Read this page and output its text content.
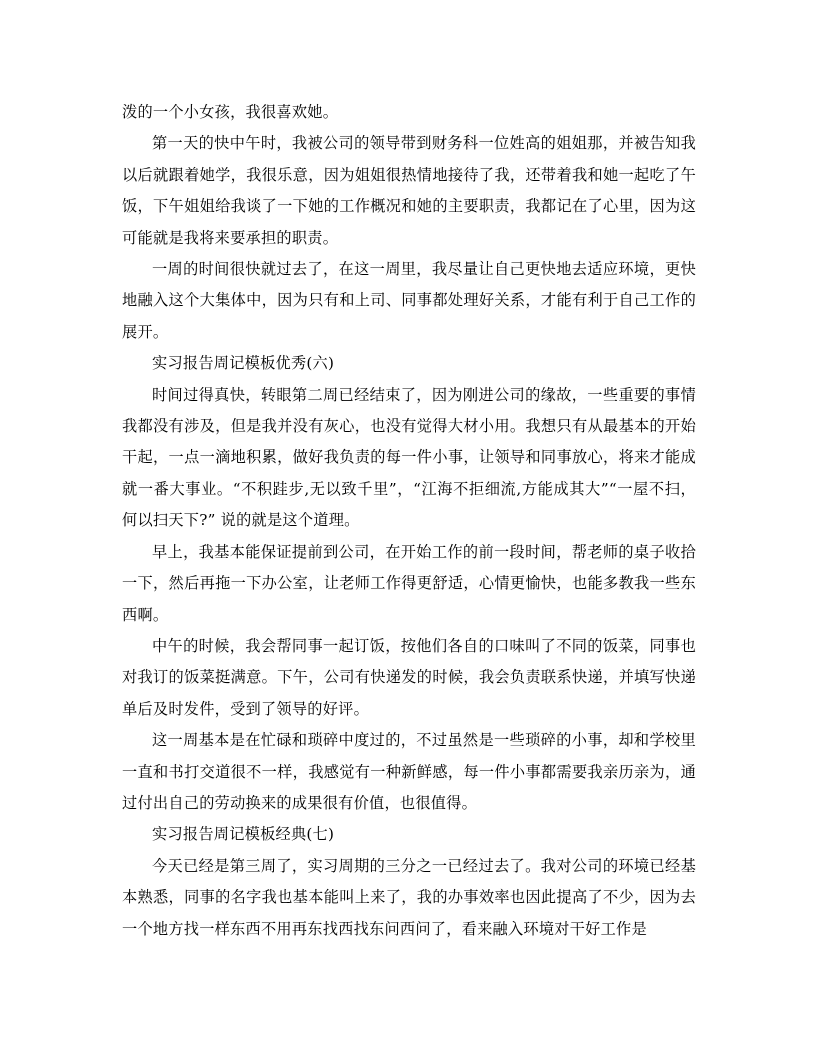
泼的一个小女孩，我很喜欢她。

第一天的快中午时，我被公司的领导带到财务科一位姓高的姐姐那，并被告知我以后就跟着她学，我很乐意，因为姐姐很热情地接待了我，还带着我和她一起吃了午饭，下午姐姐给我谈了一下她的工作概况和她的主要职责，我都记在了心里，因为这可能就是我将来要承担的职责。

一周的时间很快就过去了，在这一周里，我尽量让自己更快地去适应环境，更快地融入这个大集体中，因为只有和上司、同事都处理好关系，才能有利于自己工作的展开。

实习报告周记模板优秀(六)

时间过得真快，转眼第二周已经结束了，因为刚进公司的缘故，一些重要的事情我都没有涉及，但是我并没有灰心，也没有觉得大材小用。我想只有从最基本的开始干起，一点一滴地积累，做好我负责的每一件小事，让领导和同事放心，将来才能成就一番大事业。“不积跬步,无以致千里”，“江海不拒细流,方能成其大”“一屋不扫，何以扫天下?” 说的就是这个道理。

早上，我基本能保证提前到公司，在开始工作的前一段时间，帮老师的桌子收拾一下，然后再拖一下办公室，让老师工作得更舒适，心情更愉快，也能多教我一些东西啊。

中午的时候，我会帮同事一起订饭，按他们各自的口味叫了不同的饭菜，同事也对我订的饭菜挺满意。下午，公司有快递发的时候，我会负责联系快递，并填写快递单后及时发件，受到了领导的好评。

这一周基本是在忙碌和琐碎中度过的，不过虽然是一些琐碎的小事，却和学校里一直和书打交道很不一样，我感觉有一种新鲜感，每一件小事都需要我亲历亲为，通过付出自己的劳动换来的成果很有价值，也很值得。

实习报告周记模板经典(七)

今天已经是第三周了，实习周期的三分之一已经过去了。我对公司的环境已经基本熟悉，同事的名字我也基本能叫上来了，我的办事效率也因此提高了不少，因为去一个地方找一样东西不用再东找西找东问西问了，看来融入环境对干好工作是
